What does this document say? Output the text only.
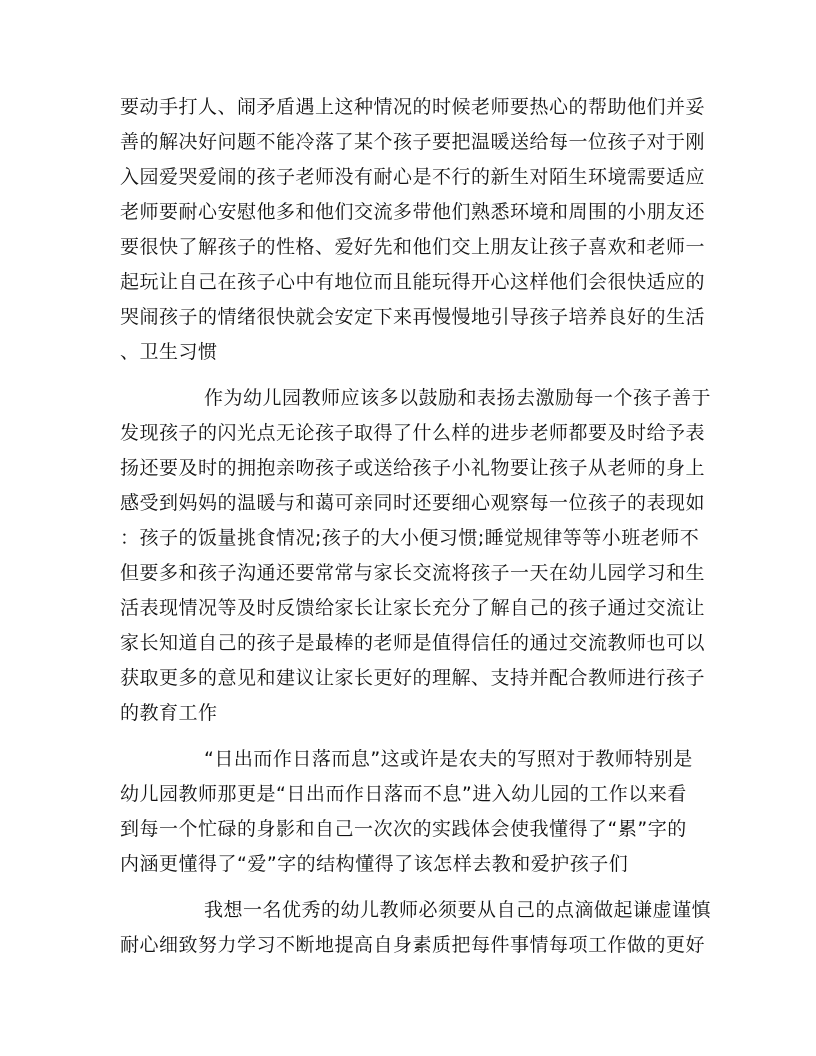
要动手打人、闹矛盾遇上这种情况的时候老师要热心的帮助他们并妥
善的解决好问题不能冷落了某个孩子要把温暖送给每一位孩子对于刚
入园爱哭爱闹的孩子老师没有耐心是不行的新生对陌生环境需要适应
老师要耐心安慰他多和他们交流多带他们熟悉环境和周围的小朋友还
要很快了解孩子的性格、爱好先和他们交上朋友让孩子喜欢和老师一
起玩让自己在孩子心中有地位而且能玩得开心这样他们会很快适应的
哭闹孩子的情绪很快就会安定下来再慢慢地引导孩子培养良好的生活
、卫生习惯
作为幼儿园教师应该多以鼓励和表扬去激励每一个孩子善于
发现孩子的闪光点无论孩子取得了什么样的进步老师都要及时给予表
扬还要及时的拥抱亲吻孩子或送给孩子小礼物要让孩子从老师的身上
感受到妈妈的温暖与和蔼可亲同时还要细心观察每一位孩子的表现如
：孩子的饭量挑食情况;孩子的大小便习惯;睡觉规律等等小班老师不
但要多和孩子沟通还要常常与家长交流将孩子一天在幼儿园学习和生
活表现情况等及时反馈给家长让家长充分了解自己的孩子通过交流让
家长知道自己的孩子是最棒的老师是值得信任的通过交流教师也可以
获取更多的意见和建议让家长更好的理解、支持并配合教师进行孩子
的教育工作
“日出而作日落而息”这或许是农夫的写照对于教师特别是
幼儿园教师那更是“日出而作日落而不息”进入幼儿园的工作以来看
到每一个忙碌的身影和自己一次次的实践体会使我懂得了“累”字的
内涵更懂得了“爱”字的结构懂得了该怎样去教和爱护孩子们
我想一名优秀的幼儿教师必须要从自己的点滴做起谦虚谨慎
耐心细致努力学习不断地提高自身素质把每件事情每项工作做的更好
